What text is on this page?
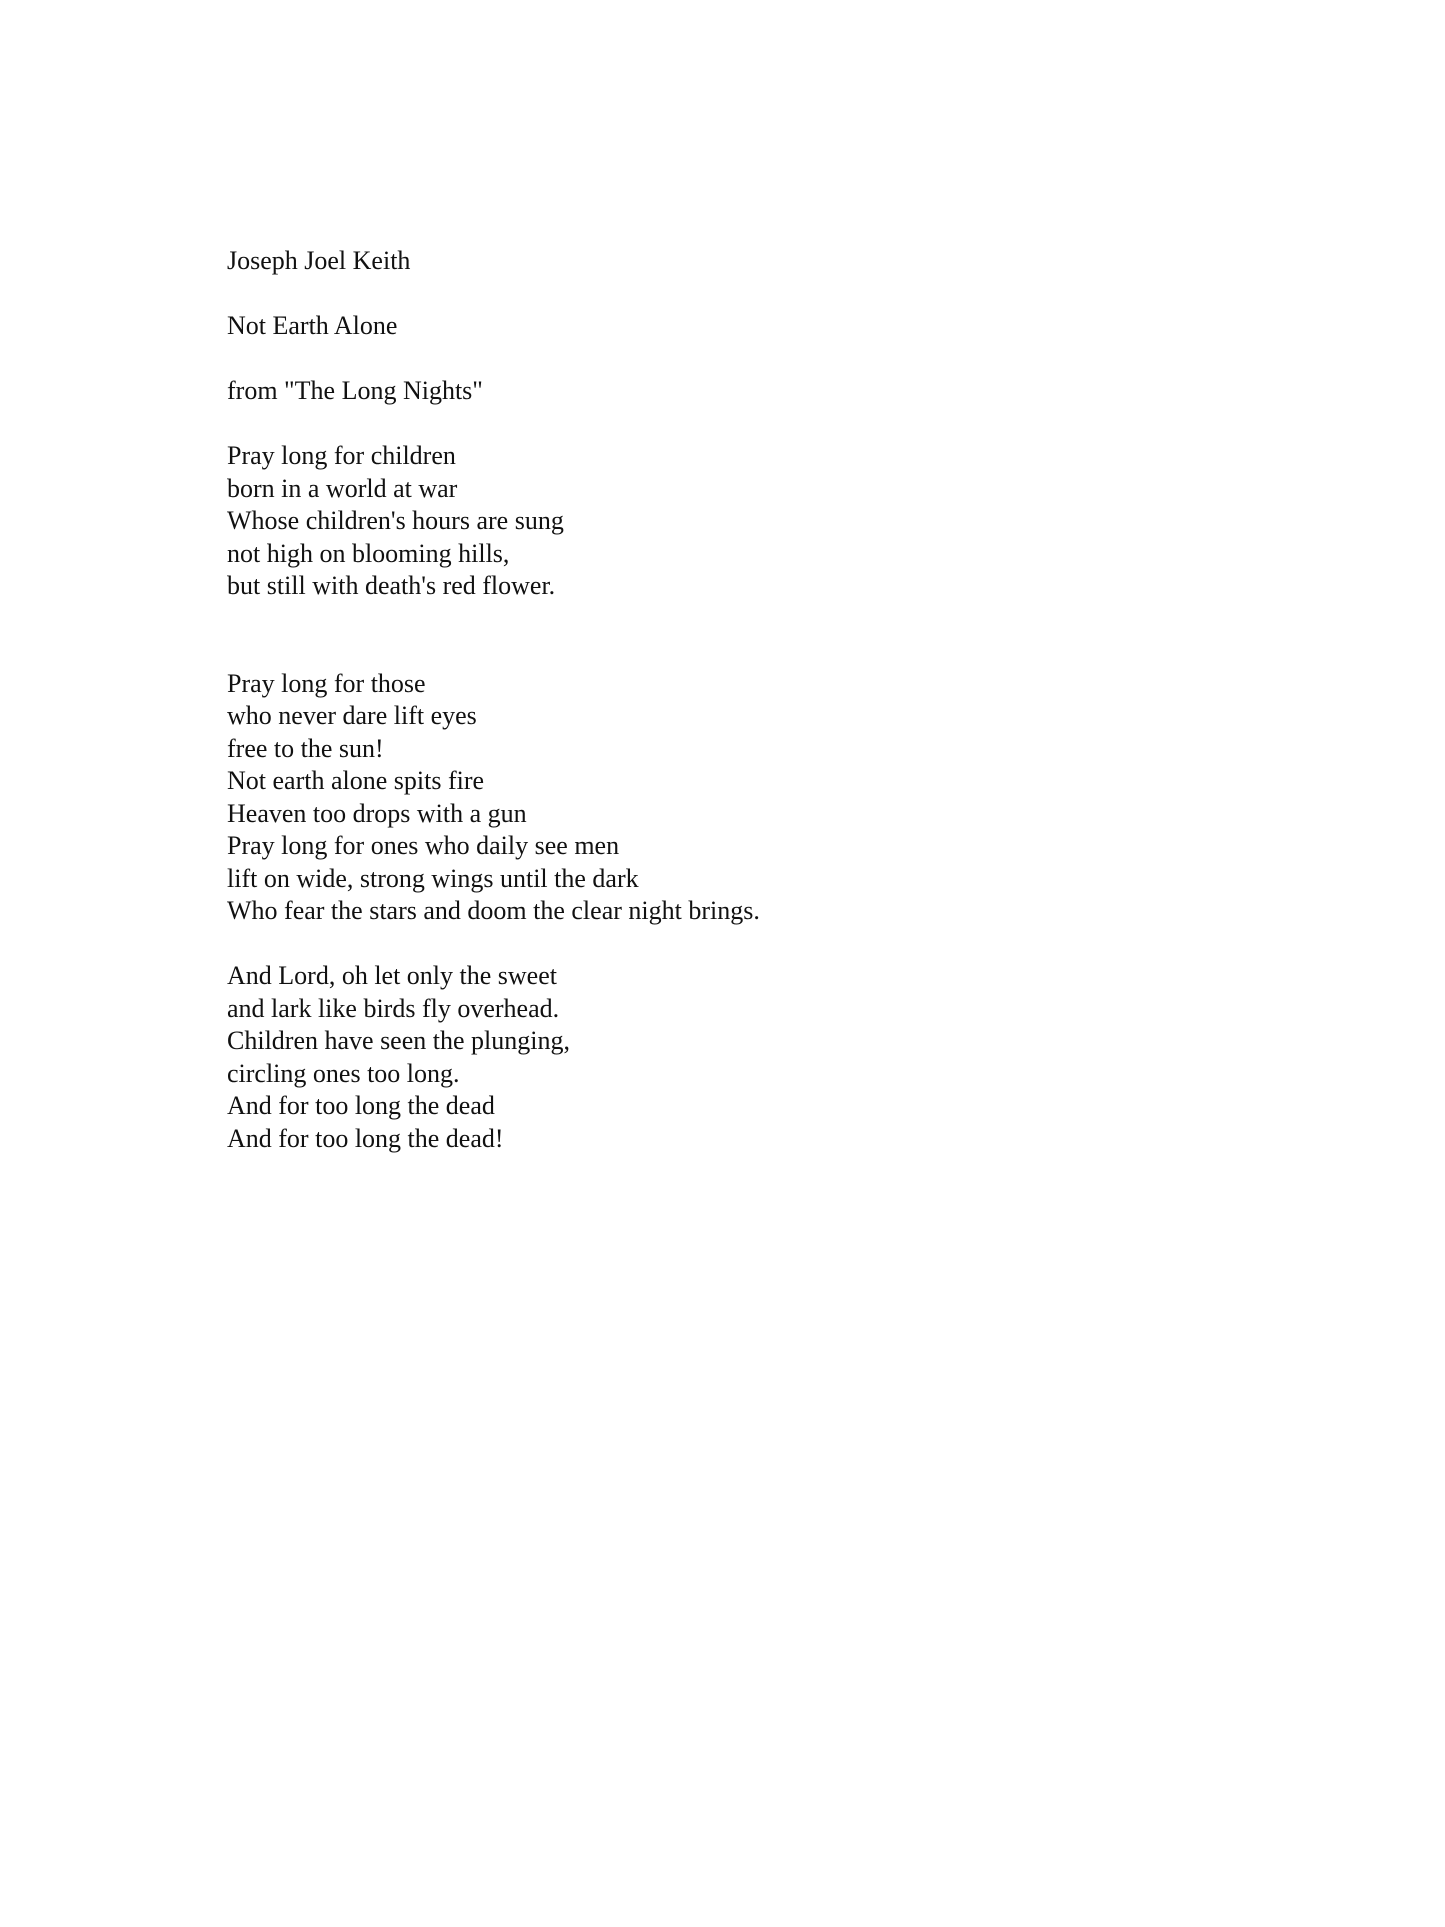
Joseph Joel Keith
Not Earth Alone
from "The Long Nights"
Pray long for children
born in a world at war
Whose children's hours are sung
not high on blooming hills,
but still with death's red flower.
Pray long for those
who never dare lift eyes
free to the sun!
Not earth alone spits fire
Heaven too drops with a gun
Pray long for ones who daily see men
lift on wide, strong wings until the dark
Who fear the stars and doom the clear night brings.
And Lord, oh let only the sweet
and lark like birds fly overhead.
Children have seen the plunging,
circling ones too long.
And for too long the dead
And for too long the dead!
